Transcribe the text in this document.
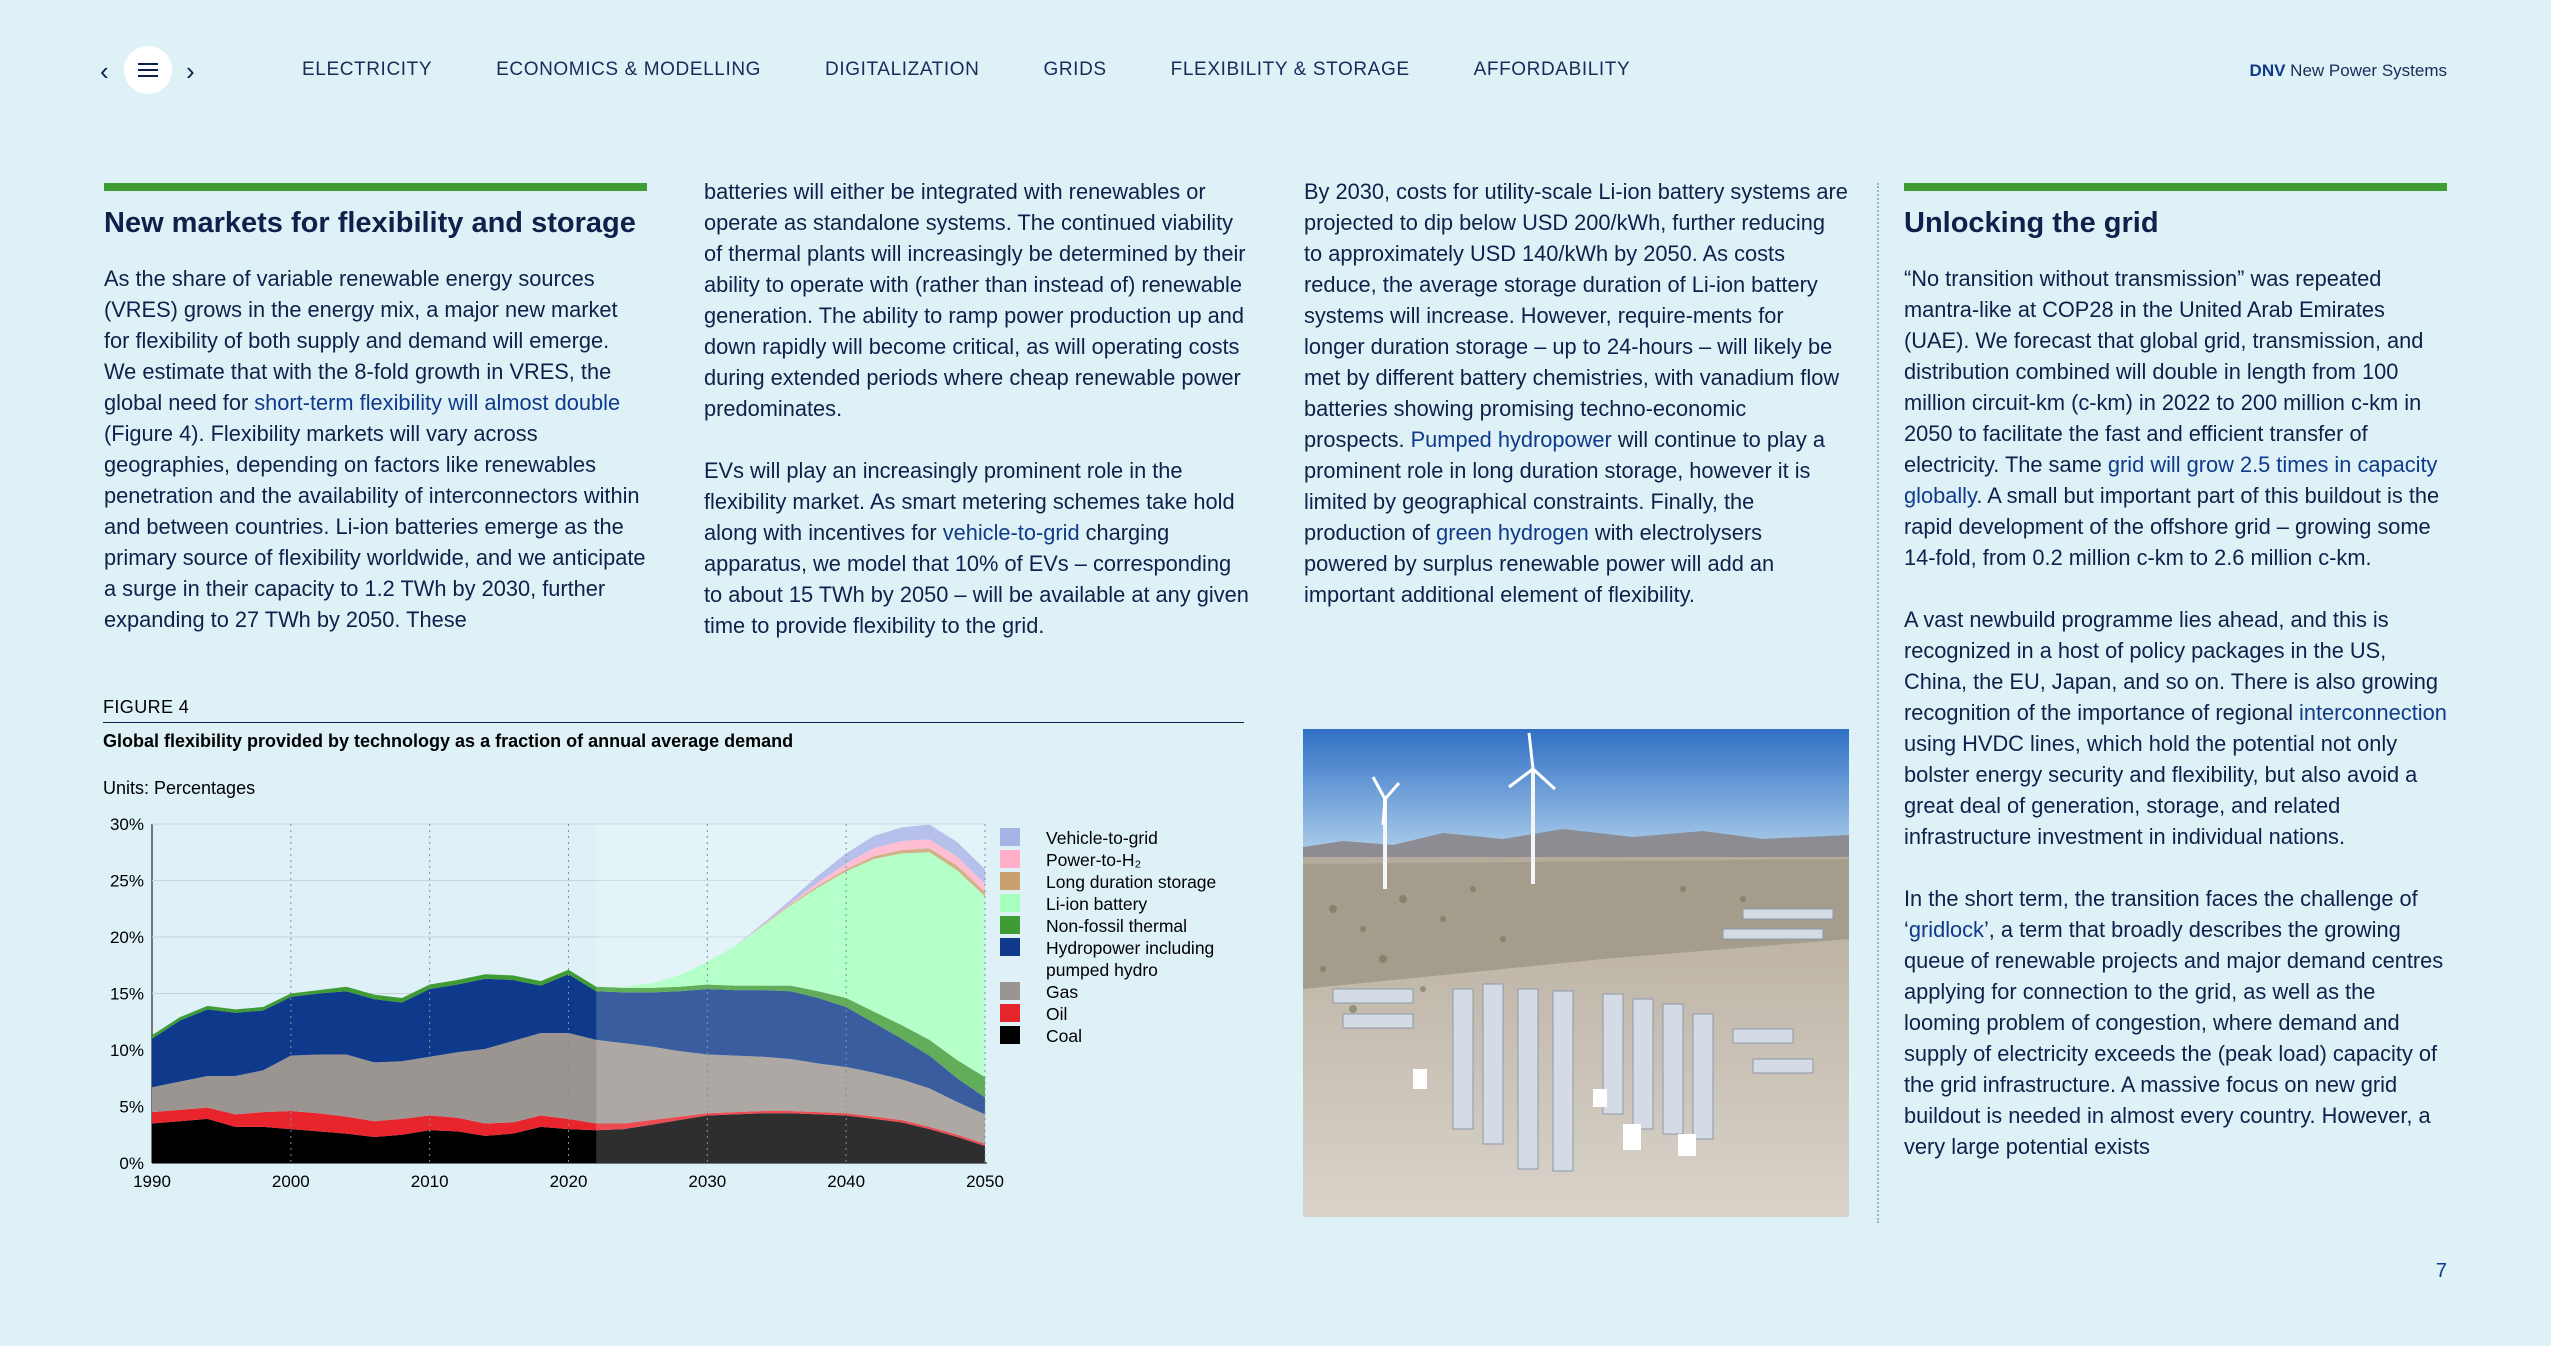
‹	›	ELECTRICITY	ECONOMICS & MODELLING	DIGITALIZATION	GRIDS	FLEXIBILITY & STORAGE	AFFORDABILITY	DNV New Power Systems
New markets for flexibility and storage

As the share of variable renewable energy sources (VRES) grows in the energy mix, a major new market for flexibility of both supply and demand will emerge. We estimate that with the 8-fold growth in VRES, the global need for short-term flexibility will almost double (Figure 4). Flexibility markets will vary across geographies, depending on factors like renewables penetration and the availability of interconnectors within and between countries. Li-ion batteries emerge as the primary source of flexibility worldwide, and we anticipate a surge in their capacity to 1.2 TWh by 2030, further expanding to 27 TWh by 2050. These

batteries will either be integrated with renewables or operate as standalone systems. The continued viability of thermal plants will increasingly be determined by their ability to operate with (rather than instead of) renewable generation. The ability to ramp power production up and down rapidly will become critical, as will operating costs during extended periods where cheap renewable power predominates.

EVs will play an increasingly prominent role in the flexibility market. As smart metering schemes take hold along with incentives for vehicle-to-grid charging apparatus, we model that 10% of EVs – corresponding to about 15 TWh by 2050 – will be available at any given time to provide flexibility to the grid.

By 2030, costs for utility-scale Li-ion battery systems are projected to dip below USD 200/kWh, further reducing to approximately USD 140/kWh by 2050. As costs reduce, the average storage duration of Li-ion battery systems will increase. However, require-ments for longer duration storage – up to 24-hours – will likely be met by different battery chemistries, with vanadium flow batteries showing promising techno-economic prospects. Pumped hydropower will continue to play a prominent role in long duration storage, however it is limited by geographical constraints. Finally, the production of green hydrogen with electrolysers powered by surplus renewable power will add an important additional element of flexibility.

Unlocking the grid

“No transition without transmission” was repeated mantra-like at COP28 in the United Arab Emirates (UAE). We forecast that global grid, transmission, and distribution combined will double in length from 100 million circuit-km (c-km) in 2022 to 200 million c-km in 2050 to facilitate the fast and efficient transfer of electricity. The same grid will grow 2.5 times in capacity globally. A small but important part of this buildout is the rapid development of the offshore grid – growing some 14-fold, from 0.2 million c-km to 2.6 million c-km.

A vast newbuild programme lies ahead, and this is recognized in a host of policy packages in the US, China, the EU, Japan, and so on. There is also growing recognition of the importance of regional interconnection using HVDC lines, which hold the potential not only bolster energy security and flexibility, but also avoid a great deal of generation, storage, and related infrastructure investment in individual nations.

In the short term, the transition faces the challenge of ‘gridlock’, a term that broadly describes the growing queue of renewable projects and major demand centres applying for connection to the grid, as well as the looming problem of congestion, where demand and supply of electricity exceeds the (peak load) capacity of the grid infrastructure. A massive focus on new grid buildout is needed in almost every country. However, a very large potential exists

FIGURE 4
Global flexibility provided by technology as a fraction of annual average demand
Units: Percentages
0%
5%
10%
15%
20%
25%
30%
1990	2000	2010	2020	2030	2040	2050
Vehicle-to-grid
Power-to-H₂
Long duration storage
Li-ion battery
Non-fossil thermal
Hydropower including
pumped hydro
Gas
Oil
Coal
7
